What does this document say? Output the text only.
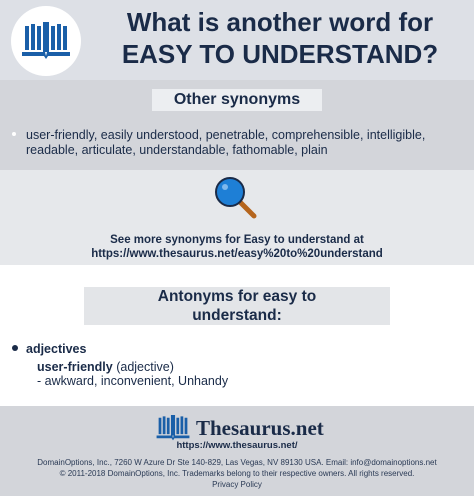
What is another word for
EASY TO UNDERSTAND?
Other synonyms
user-friendly, easily understood, penetrable, comprehensible, intelligible, readable, articulate, understandable, fathomable, plain
See more synonyms for Easy to understand at
https://www.thesaurus.net/easy%20to%20understand
Antonyms for easy to
understand:
adjectives
user-friendly (adjective)
- awkward, inconvenient, Unhandy
Thesaurus.net
https://www.thesaurus.net/
DomainOptions, Inc., 7260 W Azure Dr Ste 140-829, Las Vegas, NV 89130 USA. Email: info@domainoptions.net
© 2011-2018 DomainOptions, Inc. Trademarks belong to their respective owners. All rights reserved.
Privacy Policy
